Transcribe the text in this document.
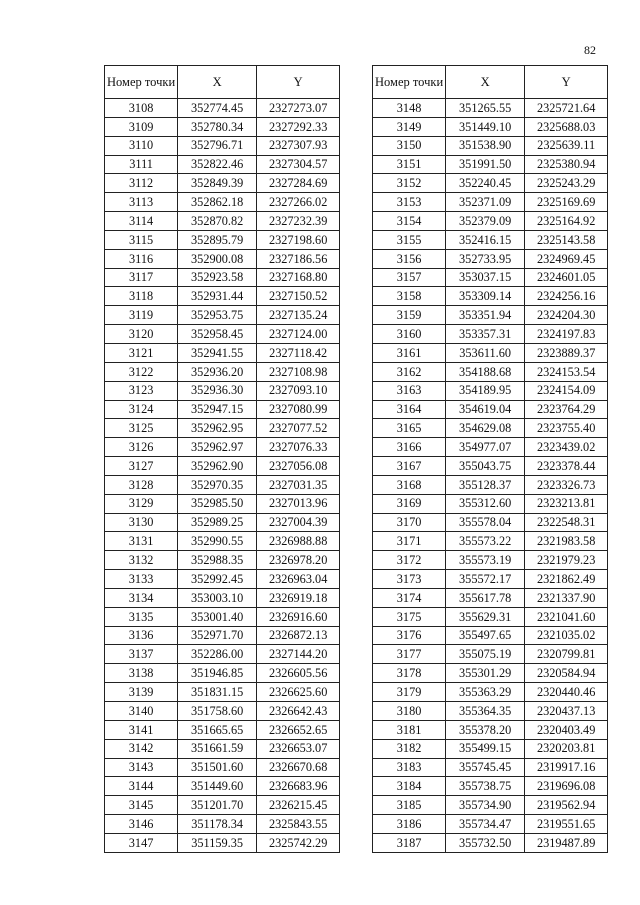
82
Номер точки	X	Y
3108	352774.45	2327273.07
3109	352780.34	2327292.33
3110	352796.71	2327307.93
3111	352822.46	2327304.57
3112	352849.39	2327284.69
3113	352862.18	2327266.02
3114	352870.82	2327232.39
3115	352895.79	2327198.60
3116	352900.08	2327186.56
3117	352923.58	2327168.80
3118	352931.44	2327150.52
3119	352953.75	2327135.24
3120	352958.45	2327124.00
3121	352941.55	2327118.42
3122	352936.20	2327108.98
3123	352936.30	2327093.10
3124	352947.15	2327080.99
3125	352962.95	2327077.52
3126	352962.97	2327076.33
3127	352962.90	2327056.08
3128	352970.35	2327031.35
3129	352985.50	2327013.96
3130	352989.25	2327004.39
3131	352990.55	2326988.88
3132	352988.35	2326978.20
3133	352992.45	2326963.04
3134	353003.10	2326919.18
3135	353001.40	2326916.60
3136	352971.70	2326872.13
3137	352286.00	2327144.20
3138	351946.85	2326605.56
3139	351831.15	2326625.60
3140	351758.60	2326642.43
3141	351665.65	2326652.65
3142	351661.59	2326653.07
3143	351501.60	2326670.68
3144	351449.60	2326683.96
3145	351201.70	2326215.45
3146	351178.34	2325843.55
3147	351159.35	2325742.29
Номер точки	X	Y
3148	351265.55	2325721.64
3149	351449.10	2325688.03
3150	351538.90	2325639.11
3151	351991.50	2325380.94
3152	352240.45	2325243.29
3153	352371.09	2325169.69
3154	352379.09	2325164.92
3155	352416.15	2325143.58
3156	352733.95	2324969.45
3157	353037.15	2324601.05
3158	353309.14	2324256.16
3159	353351.94	2324204.30
3160	353357.31	2324197.83
3161	353611.60	2323889.37
3162	354188.68	2324153.54
3163	354189.95	2324154.09
3164	354619.04	2323764.29
3165	354629.08	2323755.40
3166	354977.07	2323439.02
3167	355043.75	2323378.44
3168	355128.37	2323326.73
3169	355312.60	2323213.81
3170	355578.04	2322548.31
3171	355573.22	2321983.58
3172	355573.19	2321979.23
3173	355572.17	2321862.49
3174	355617.78	2321337.90
3175	355629.31	2321041.60
3176	355497.65	2321035.02
3177	355075.19	2320799.81
3178	355301.29	2320584.94
3179	355363.29	2320440.46
3180	355364.35	2320437.13
3181	355378.20	2320403.49
3182	355499.15	2320203.81
3183	355745.45	2319917.16
3184	355738.75	2319696.08
3185	355734.90	2319562.94
3186	355734.47	2319551.65
3187	355732.50	2319487.89
